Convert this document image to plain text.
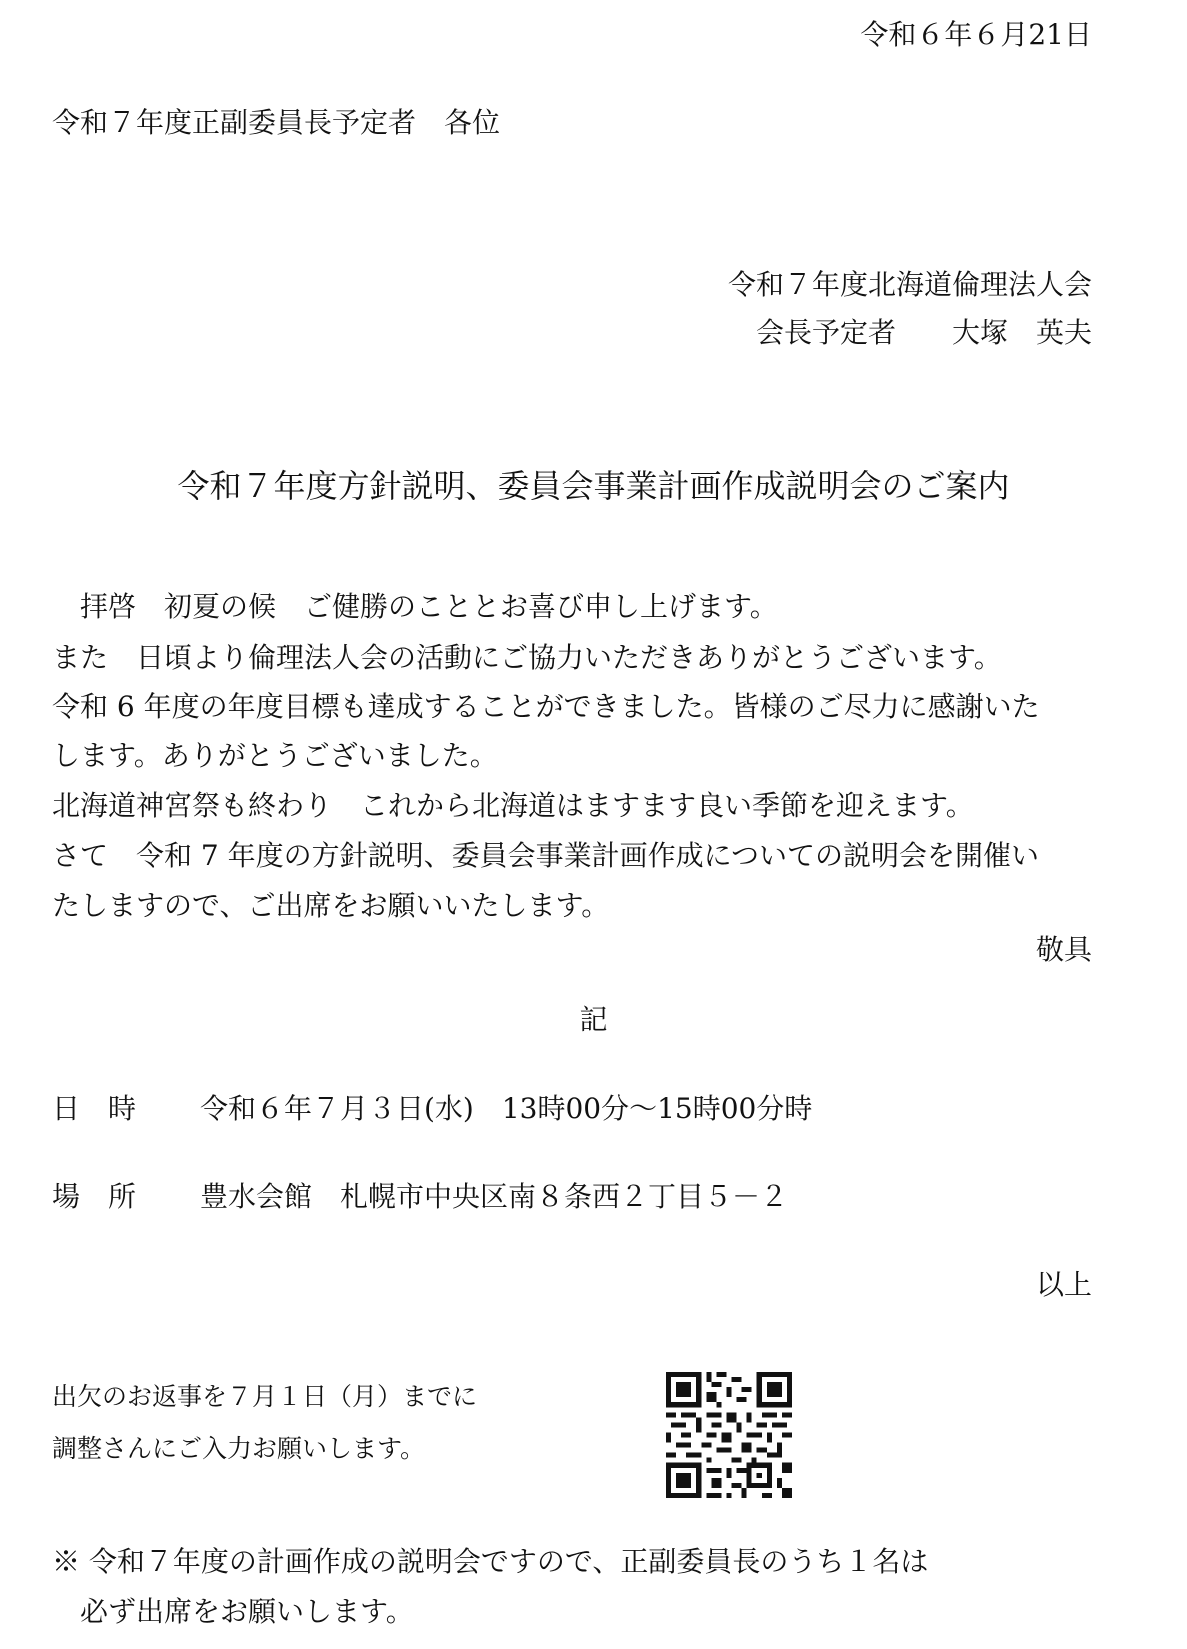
令和６年６月21日
令和７年度正副委員長予定者　各位
令和７年度北海道倫理法人会
会長予定者　　大塚　英夫
令和７年度方針説明、委員会事業計画作成説明会のご案内
　拝啓　初夏の候　ご健勝のこととお喜び申し上げます。
また　日頃より倫理法人会の活動にご協力いただきありがとうございます。
令和 6 年度の年度目標も達成することができました。皆様のご尽力に感謝いた
します。ありがとうございました。
北海道神宮祭も終わり　これから北海道はますます良い季節を迎えます。
さて　令和 7 年度の方針説明、委員会事業計画作成についての説明会を開催い
たしますので、ご出席をお願いいたします。
敬具
記
日　時 令和６年７月３日(水)　13時00分～15時00分時
場　所 豊水会館　札幌市中央区南８条西２丁目５－２
以上
出欠のお返事を７月１日（月）までに
調整さんにご入力お願いします。
※ 令和７年度の計画作成の説明会ですので、正副委員長のうち１名は
　必ず出席をお願いします。
